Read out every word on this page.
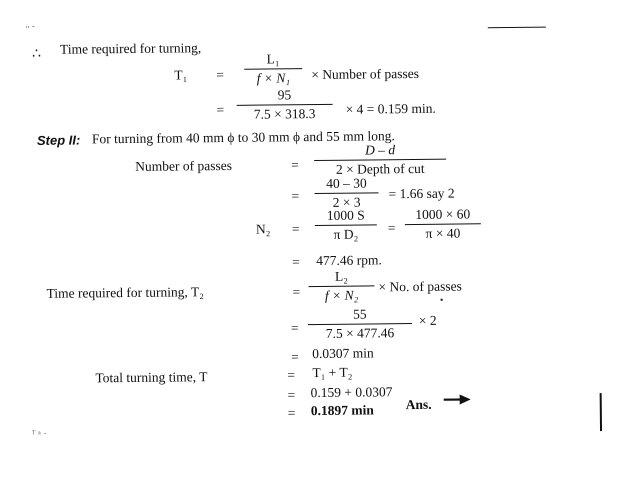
ʹʹ ˜
ᵀ ᵃ ·
∴ Time required for turning,
$T_1 = \frac{\text{L₁}}{\text{f × N₁}}$ × Number of passes
= $\frac{95}{7.5 \times 318.3} \times 4 = 0.159$ min.
Step II: For turning from 40 mm ϕ to 30 mm ϕ and 55 mm long.
Number of passes	=
D – d
2 × Depth of cut
= $\frac{40 - 30}{2 \times 3} = 1.66$ say 2
$N_2 = \frac{1000 S}{\text{π D₂}} = \frac{1000 \times 60}{\pi \times 40}$
= 477.46 rpm.
Time required for turning, T₂	= $\frac{\text{L₂}}{\text{f × N₂}} \times No$. of passes
= $\frac{55}{7.5 \times 477.46} \times 2$
= 0.0307 min
Total turning time, T	= T₁ + T₂
= 0.159 + 0.0307
= 0.1897 min Ans.
